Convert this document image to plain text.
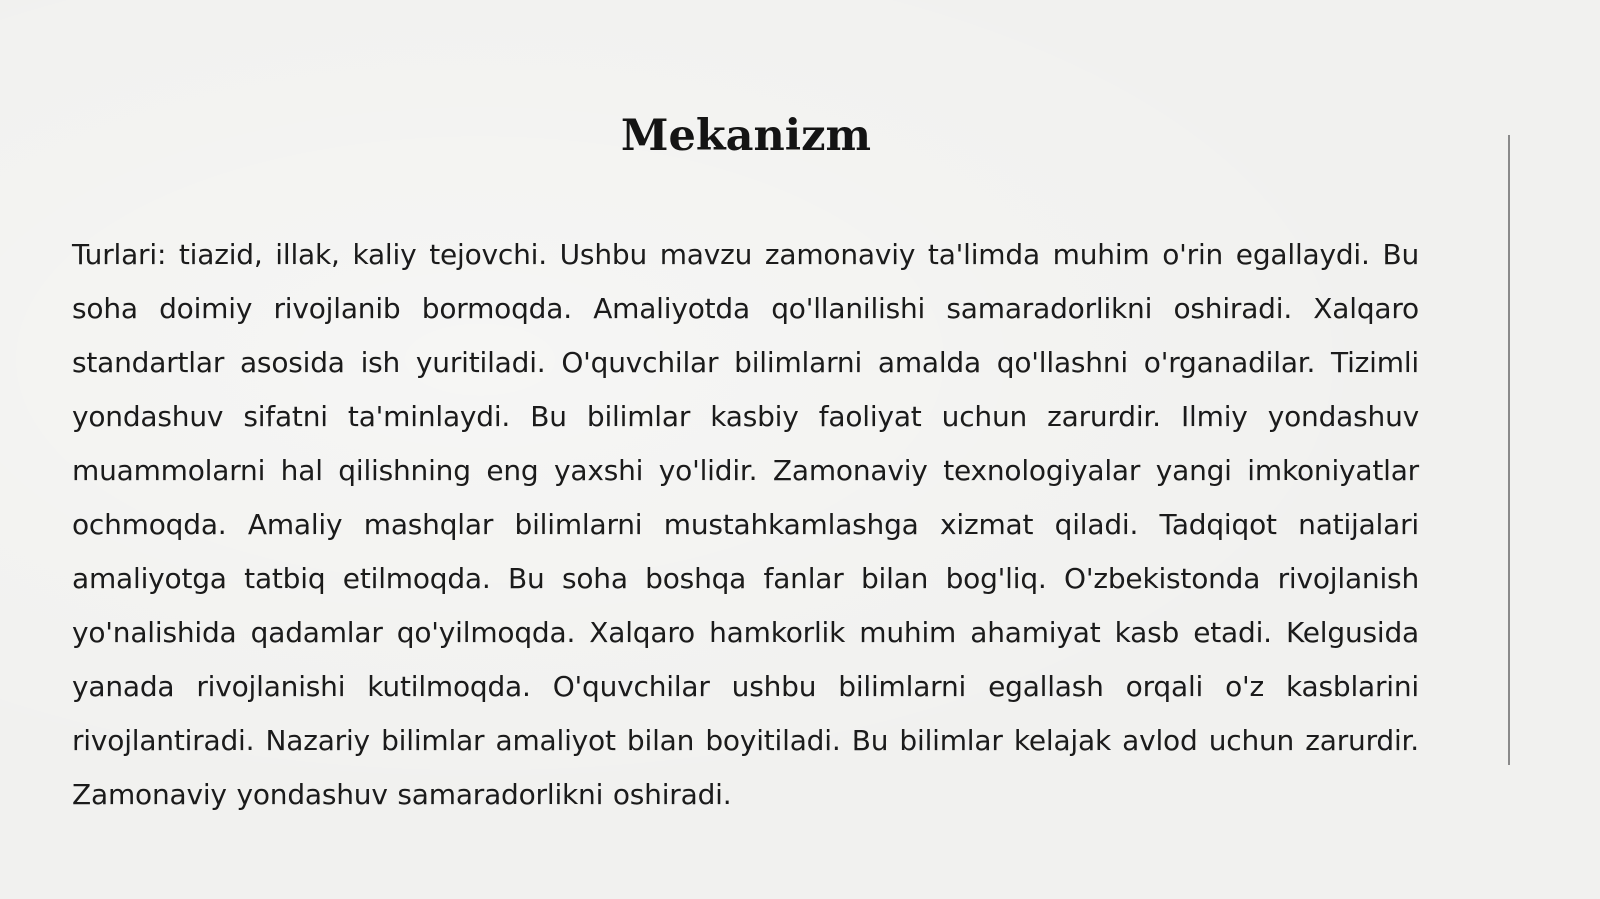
Mekanizm

Turlari: tiazid, illak, kaliy tejovchi. Ushbu mavzu zamonaviy ta'limda muhim o'rin egallaydi. Bu soha doimiy rivojlanib bormoqda. Amaliyotda qo'llanilishi samaradorlikni oshiradi. Xalqaro standartlar asosida ish yuritiladi. O'quvchilar bilimlarni amalda qo'llashni o'rganadilar. Tizimli yondashuv sifatni ta'minlaydi. Bu bilimlar kasbiy faoliyat uchun zarurdir. Ilmiy yondashuv muammolarni hal qilishning eng yaxshi yo'lidir. Zamonaviy texnologiyalar yangi imkoniyatlar ochmoqda. Amaliy mashqlar bilimlarni mustahkamlashga xizmat qiladi. Tadqiqot natijalari amaliyotga tatbiq etilmoqda. Bu soha boshqa fanlar bilan bog'liq. O'zbekistonda rivojlanish yo'nalishida qadamlar qo'yilmoqda. Xalqaro hamkorlik muhim ahamiyat kasb etadi. Kelgusida yanada rivojlanishi kutilmoqda. O'quvchilar ushbu bilimlarni egallash orqali o'z kasblarini rivojlantiradi. Nazariy bilimlar amaliyot bilan boyitiladi. Bu bilimlar kelajak avlod uchun zarurdir. Zamonaviy yondashuv samaradorlikni oshiradi.
